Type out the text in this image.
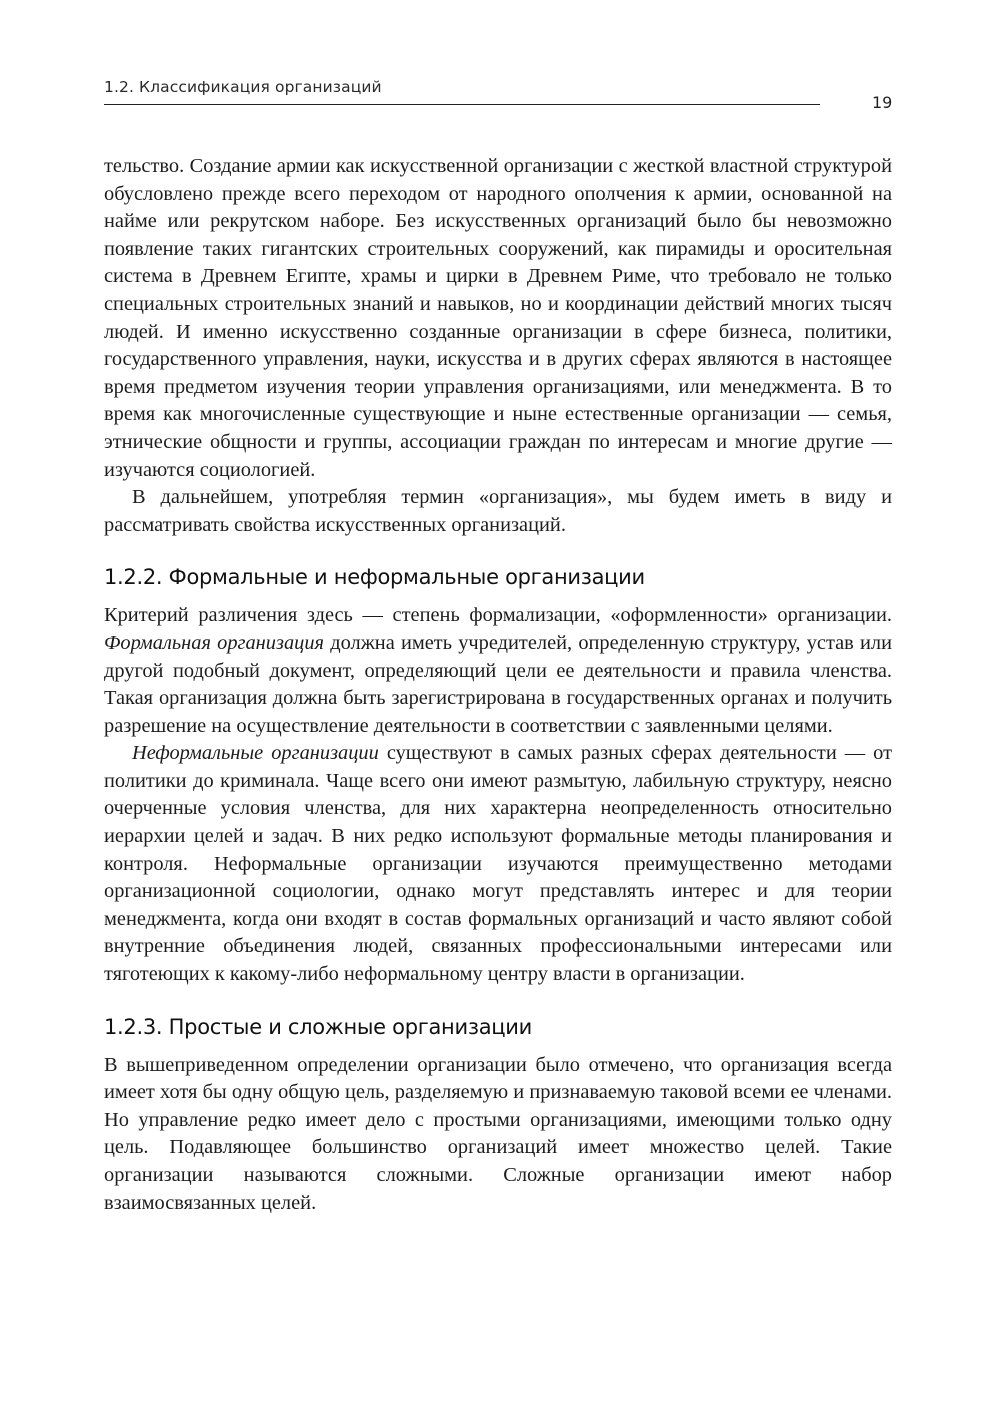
1.2. Классификация организаций
19

тельство. Создание армии как искусственной организации с жесткой властной структурой обусловлено прежде всего переходом от народного ополчения к армии, основанной на найме или рекрутском наборе. Без искусственных организаций было бы невозможно появление таких гигантских строительных сооружений, как пирамиды и оросительная система в Древнем Египте, храмы и цирки в Древнем Риме, что требовало не только специальных строительных знаний и навыков, но и координации действий многих тысяч людей. И именно искусственно созданные организации в сфере бизнеса, политики, государственного управления, науки, искусства и в других сферах являются в настоящее время предметом изучения теории управления организациями, или менеджмента. В то время как многочисленные существующие и ныне естественные организации — семья, этнические общности и группы, ассоциации граждан по интересам и многие другие — изучаются социологией.

В дальнейшем, употребляя термин «организация», мы будем иметь в виду и рассматривать свойства искусственных организаций.

1.2.2. Формальные и неформальные организации

Критерий различения здесь — степень формализации, «оформленности» организации. Формальная организация должна иметь учредителей, определенную структуру, устав или другой подобный документ, определяющий цели ее деятельности и правила членства. Такая организация должна быть зарегистрирована в государственных органах и получить разрешение на осуществление деятельности в соответствии с заявленными целями.

Неформальные организации существуют в самых разных сферах деятельности — от политики до криминала. Чаще всего они имеют размытую, лабильную структуру, неясно очерченные условия членства, для них характерна неопределенность относительно иерархии целей и задач. В них редко используют формальные методы планирования и контроля. Неформальные организации изучаются преимущественно методами организационной социологии, однако могут представлять интерес и для теории менеджмента, когда они входят в состав формальных организаций и часто являют собой внутренние объединения людей, связанных профессиональными интересами или тяготеющих к какому-либо неформальному центру власти в организации.

1.2.3. Простые и сложные организации

В вышеприведенном определении организации было отмечено, что организация всегда имеет хотя бы одну общую цель, разделяемую и признаваемую таковой всеми ее членами. Но управление редко имеет дело с простыми организациями, имеющими только одну цель. Подавляющее большинство организаций имеет множество целей. Такие организации называются сложными. Сложные организации имеют набор взаимосвязанных целей.
